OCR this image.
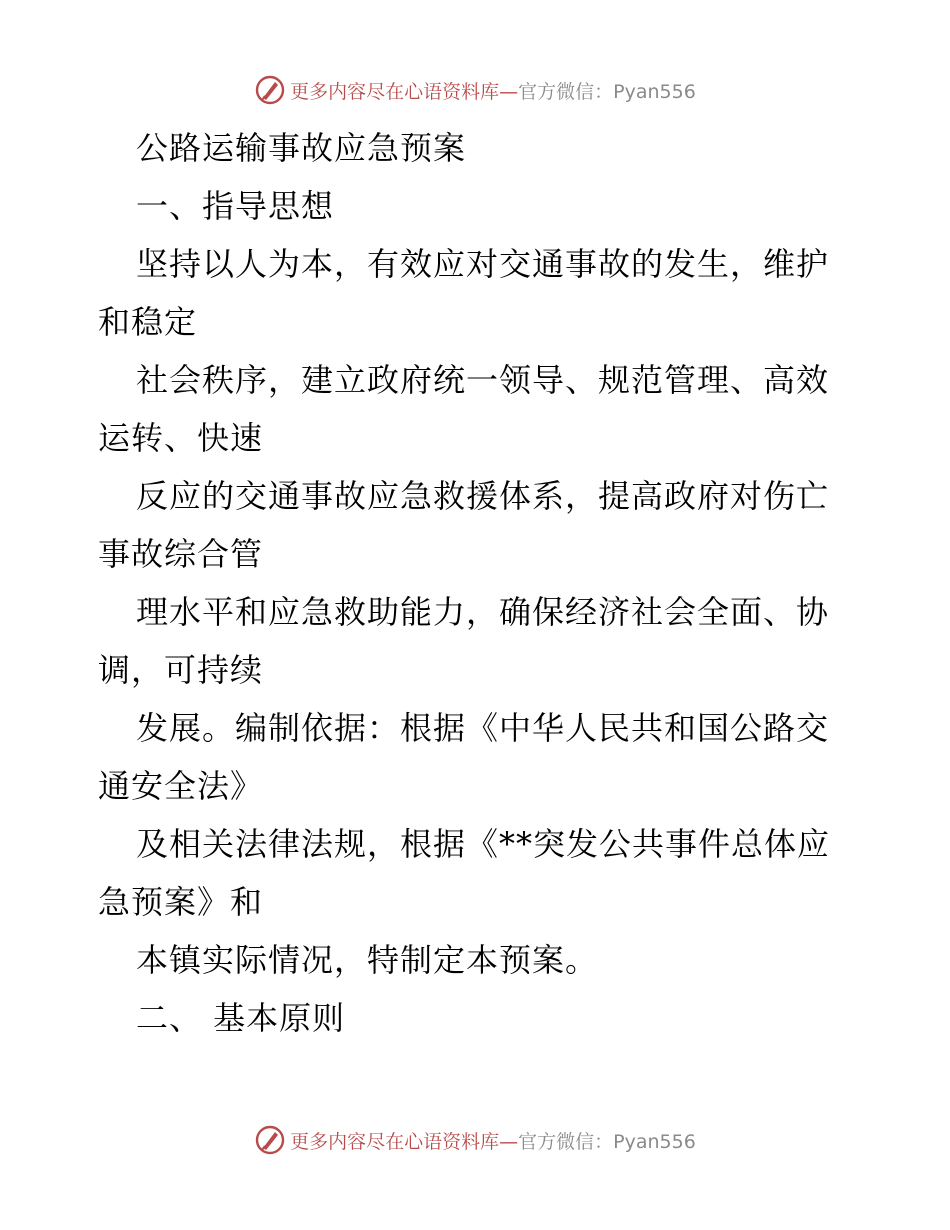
更多内容尽在心语资料库—官方微信：Pyan556
公路运输事故应急预案
一、指导思想
坚持以人为本，有效应对交通事故的发生，维护
和稳定
社会秩序，建立政府统一领导、规范管理、高效
运转、快速
反应的交通事故应急救援体系，提高政府对伤亡
事故综合管
理水平和应急救助能力，确保经济社会全面、协
调，可持续
发展。编制依据：根据《中华人民共和国公路交
通安全法》
及相关法律法规，根据《**突发公共事件总体应
急预案》和
本镇实际情况，特制定本预案。
二、 基本原则
更多内容尽在心语资料库—官方微信：Pyan556
